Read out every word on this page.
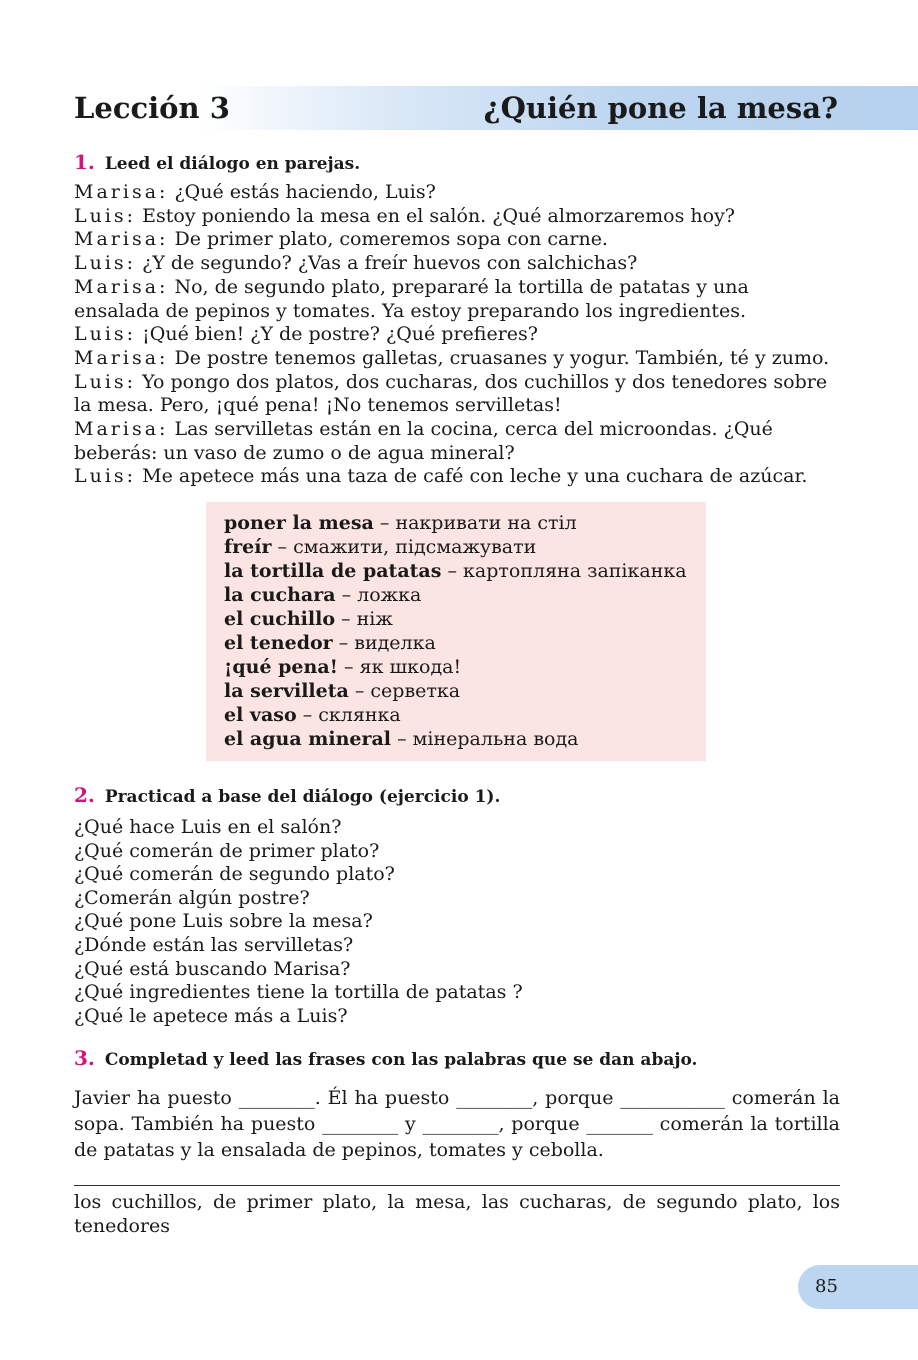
Lección 3	¿Quién pone la mesa?

1. Leed el diálogo en parejas.

Marisa: ¿Qué estás haciendo, Luis?

Luis: Estoy poniendo la mesa en el salón. ¿Qué almorzaremos hoy?

Marisa: De primer plato, comeremos sopa con carne.

Luis: ¿Y de segundo? ¿Vas a freír huevos con salchichas?

Marisa: No, de segundo plato, prepararé la tortilla de patatas y una ensalada de pepinos y tomates. Ya estoy preparando los ingredientes.

Luis: ¡Qué bien! ¿Y de postre? ¿Qué prefieres?

Marisa: De postre tenemos galletas, cruasanes y yogur. También, té y zumo.

Luis: Yo pongo dos platos, dos cucharas, dos cuchillos y dos tenedores sobre la mesa. Pero, ¡qué pena! ¡No tenemos servilletas!

Marisa: Las servilletas están en la cocina, cerca del microondas. ¿Qué beberás: un vaso de zumo o de agua mineral?

Luis: Me apetece más una taza de café con leche y una cuchara de azúcar.

poner la mesa – накривати на стіл
freír – смажити, підсмажувати
la tortilla de patatas – картопляна запіканка
la cuchara – ложка
el cuchillo – ніж
el tenedor – виделка
¡qué pena! – як шкода!
la servilleta – серветка
el vaso – склянка
el agua mineral – мінеральна вода

2. Practicad a base del diálogo (ejercicio 1).

¿Qué hace Luis en el salón?
¿Qué comerán de primer plato?
¿Qué comerán de segundo plato?
¿Comerán algún postre?
¿Qué pone Luis sobre la mesa?
¿Dónde están las servilletas?
¿Qué está buscando Marisa?
¿Qué ingredientes tiene la tortilla de patatas ?
¿Qué le apetece más a Luis?

3. Completad y leed las frases con las palabras que se dan abajo.

Javier ha puesto ________. Él ha puesto ________, porque ___________ comerán la sopa. También ha puesto ________ y ________, porque _______ comerán la tortilla de patatas y la ensalada de pepinos, tomates y cebolla.

los cuchillos, de primer plato, la mesa, las cucharas, de segundo plato, los tenedores

85
